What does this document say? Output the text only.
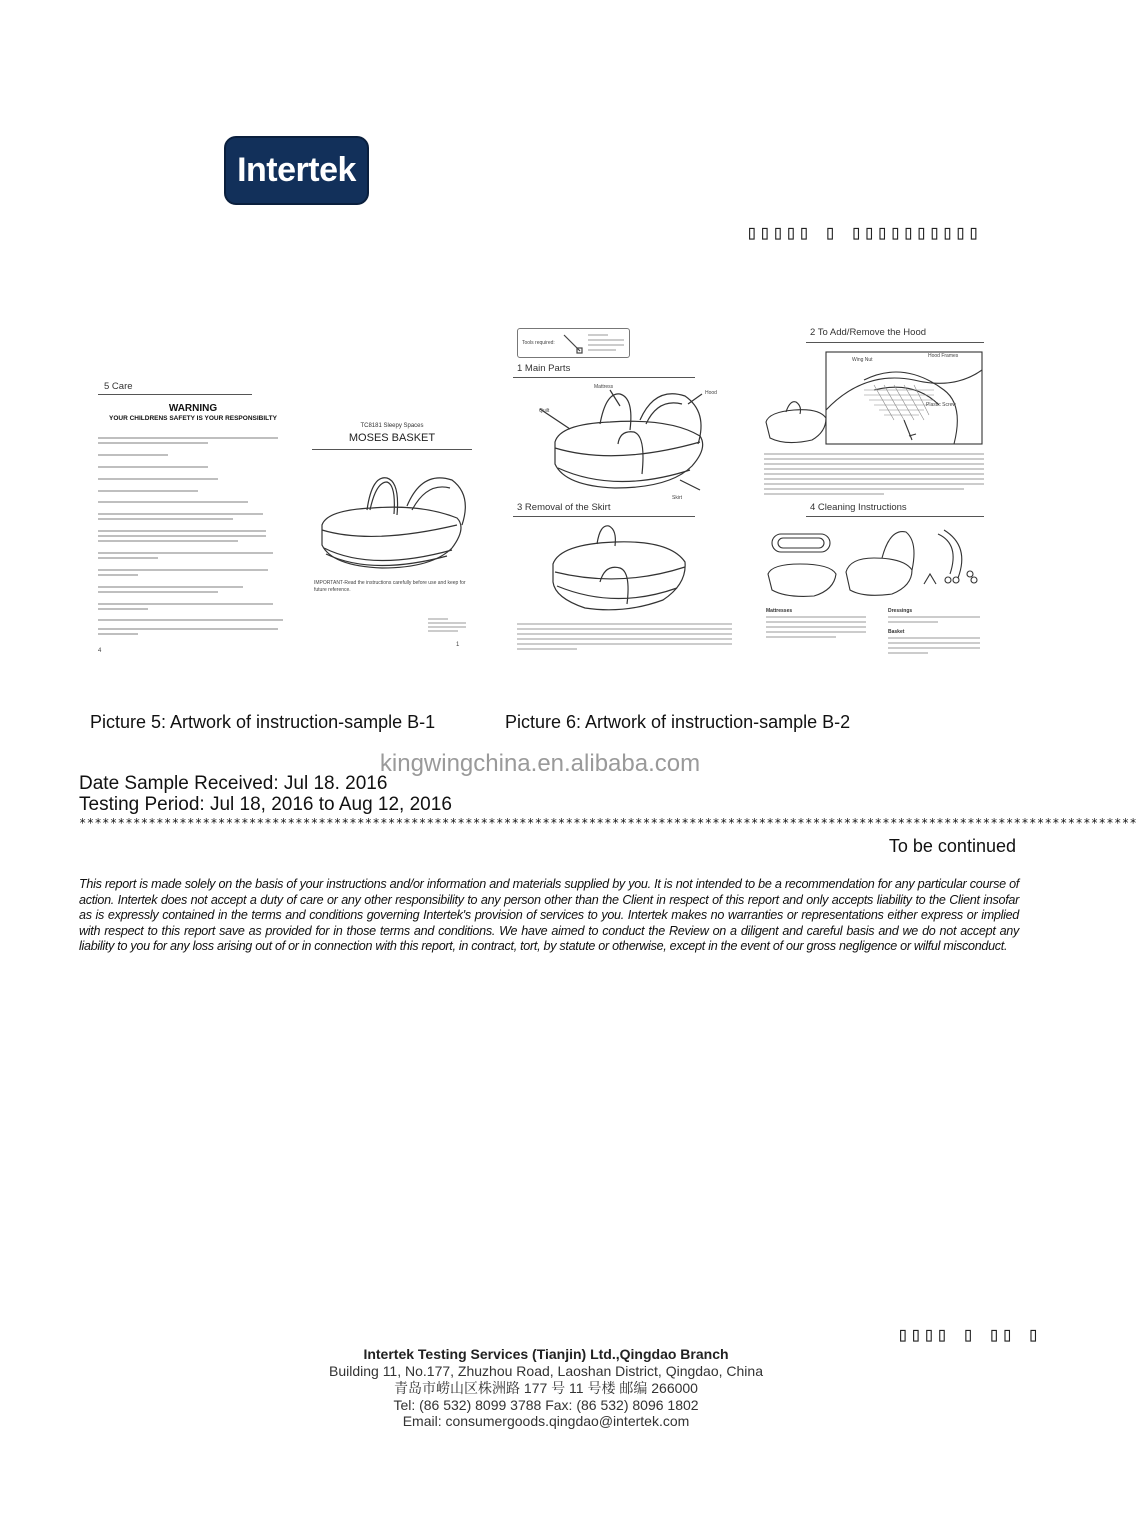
Intertek
▯▯▯▯▯ ▯ ▯▯▯▯▯▯▯▯▯▯
5 Care
WARNING
YOUR CHILDRENS SAFETY IS YOUR RESPONSIBILTY
4
TC8181 Sleepy Spaces
MOSES BASKET
IMPORTANT-Read the instructions carefully before use and keep for future reference.
1
Tools required:
1 Main Parts
Mattress
Hood
Quilt
Skirt
3 Removal of the Skirt
2 To Add/Remove the Hood
Wing Nut
Hood Frames
Plastic Screw
4 Cleaning Instructions
Mattresses	Dressings
Basket
Picture 5: Artwork of instruction-sample B-1	Picture 6: Artwork of instruction-sample B-2
kingwingchina.en.alibaba.com
Date Sample Received: Jul 18. 2016
Testing Period: Jul 18, 2016 to Aug 12, 2016
*****************************************************************************************************************************************
To be continued
This report is made solely on the basis of your instructions and/or information and materials supplied by you. It is not intended to be a recommendation for any particular course of action. Intertek does not accept a duty of care or any other responsibility to any person other than the Client in respect of this report and only accepts liability to the Client insofar as is expressly contained in the terms and conditions governing Intertek's provision of services to you. Intertek makes no warranties or representations either express or implied with respect to this report save as provided for in those terms and conditions. We have aimed to conduct the Review on a diligent and careful basis and we do not accept any liability to you for any loss arising out of or in connection with this report, in contract, tort, by statute or otherwise, except in the event of our gross negligence or wilful misconduct.
▯▯▯▯ ▯ ▯▯ ▯
Intertek Testing Services (Tianjin) Ltd.,Qingdao Branch
Building 11, No.177, Zhuzhou Road, Laoshan District, Qingdao, China
青岛市崂山区株洲路 177 号 11 号楼 邮编 266000
Tel: (86 532) 8099 3788 Fax: (86 532) 8096 1802
Email: consumergoods.qingdao@intertek.com
